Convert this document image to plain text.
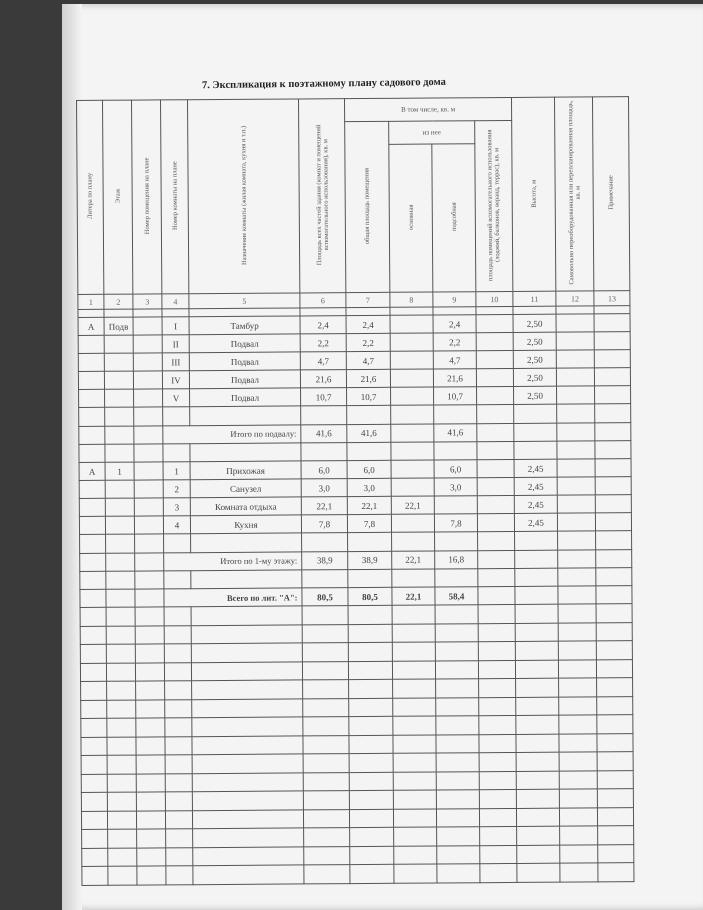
7. Экспликация к поэтажному плану садового дома
Литера по плану	Этаж	Номер помещения на плане	Номер комнаты на плане	Назначение комнаты (жилая комната, кухня и т.п.)	Площадь всех частей здания (комнат и помещений вспомогательного использования), кв. м	В том числе, кв. м				Высота, м	Самовольно переоборудованная или перепланированная площадь, кв. м	Примечание
						общая площадь помещения	из нее		площадь помещений вспомогательного использования (лоджий, балконов, веранд, террас), кв. м			
							основная	подсобная				
1	2	3	4	5	6	7	8	9	10	11	12	13

А	Подв		I	Тамбур	2,4	2,4		2,4		2,50		
			II	Подвал	2,2	2,2		2,2		2,50		
			III	Подвал	4,7	4,7		4,7		2,50		
			IV	Подвал	21,6	21,6		21,6		2,50		
			V	Подвал	10,7	10,7		10,7		2,50		

			Итого по подвалу:		41,6	41,6		41,6				

А	1		1	Прихожая	6,0	6,0		6,0		2,45		
			2	Санузел	3,0	3,0		3,0		2,45		
			3	Комната отдыха	22,1	22,1	22,1			2,45		
			4	Кухня	7,8	7,8		7,8		2,45		

			Итого по 1-му этажу:		38,9	38,9	22,1	16,8				

			Всего по лит. "А":		80,5	80,5	22,1	58,4				
